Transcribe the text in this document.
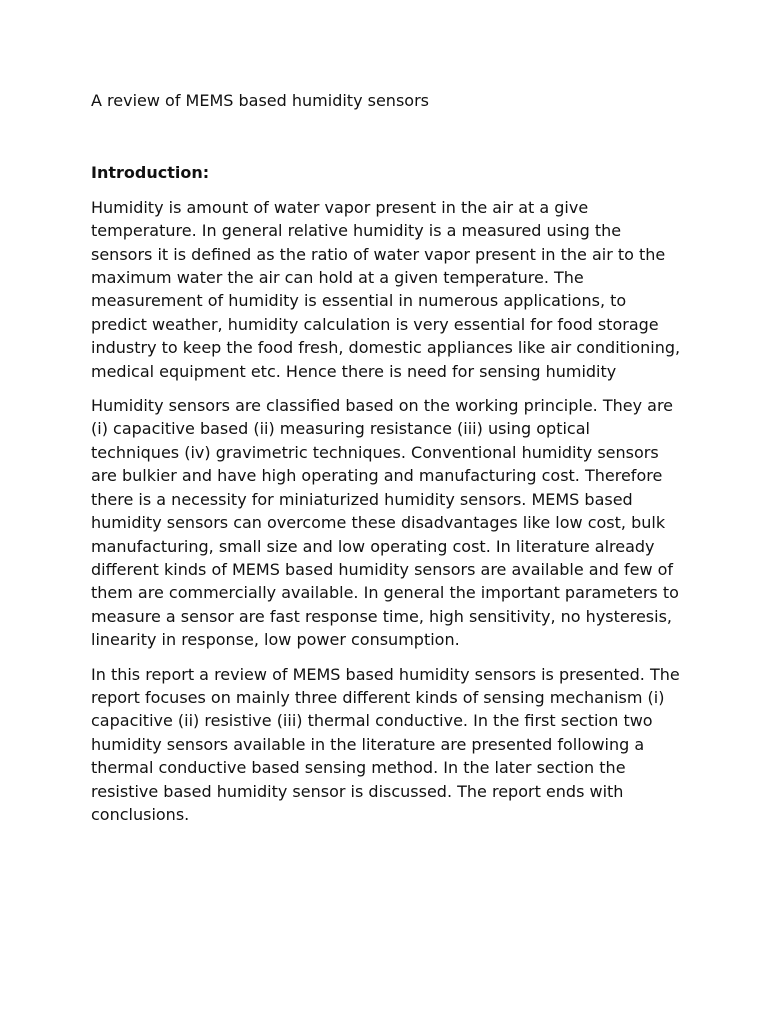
A review of MEMS based humidity sensors

Introduction:

Humidity is amount of water vapor present in the air at a give temperature. In general relative humidity is a measured using the sensors it is defined as the ratio of water vapor present in the air to the maximum water the air can hold at a given temperature. The measurement of humidity is essential in numerous applications, to predict weather, humidity calculation is very essential for food storage industry to keep the food fresh, domestic appliances like air conditioning, medical equipment etc. Hence there is need for sensing humidity

Humidity sensors are classified based on the working principle. They are (i) capacitive based (ii) measuring resistance (iii) using optical techniques (iv) gravimetric techniques. Conventional humidity sensors are bulkier and have high operating and manufacturing cost. Therefore there is a necessity for miniaturized humidity sensors. MEMS based humidity sensors can overcome these disadvantages like low cost, bulk manufacturing, small size and low operating cost. In literature already different kinds of MEMS based humidity sensors are available and few of them are commercially available. In general the important parameters to measure a sensor are fast response time, high sensitivity, no hysteresis, linearity in response, low power consumption.

In this report a review of MEMS based humidity sensors is presented. The report focuses on mainly three different kinds of sensing mechanism (i) capacitive (ii) resistive (iii) thermal conductive. In the first section two humidity sensors available in the literature are presented following a thermal conductive based sensing method. In the later section the resistive based humidity sensor is discussed. The report ends with conclusions.
